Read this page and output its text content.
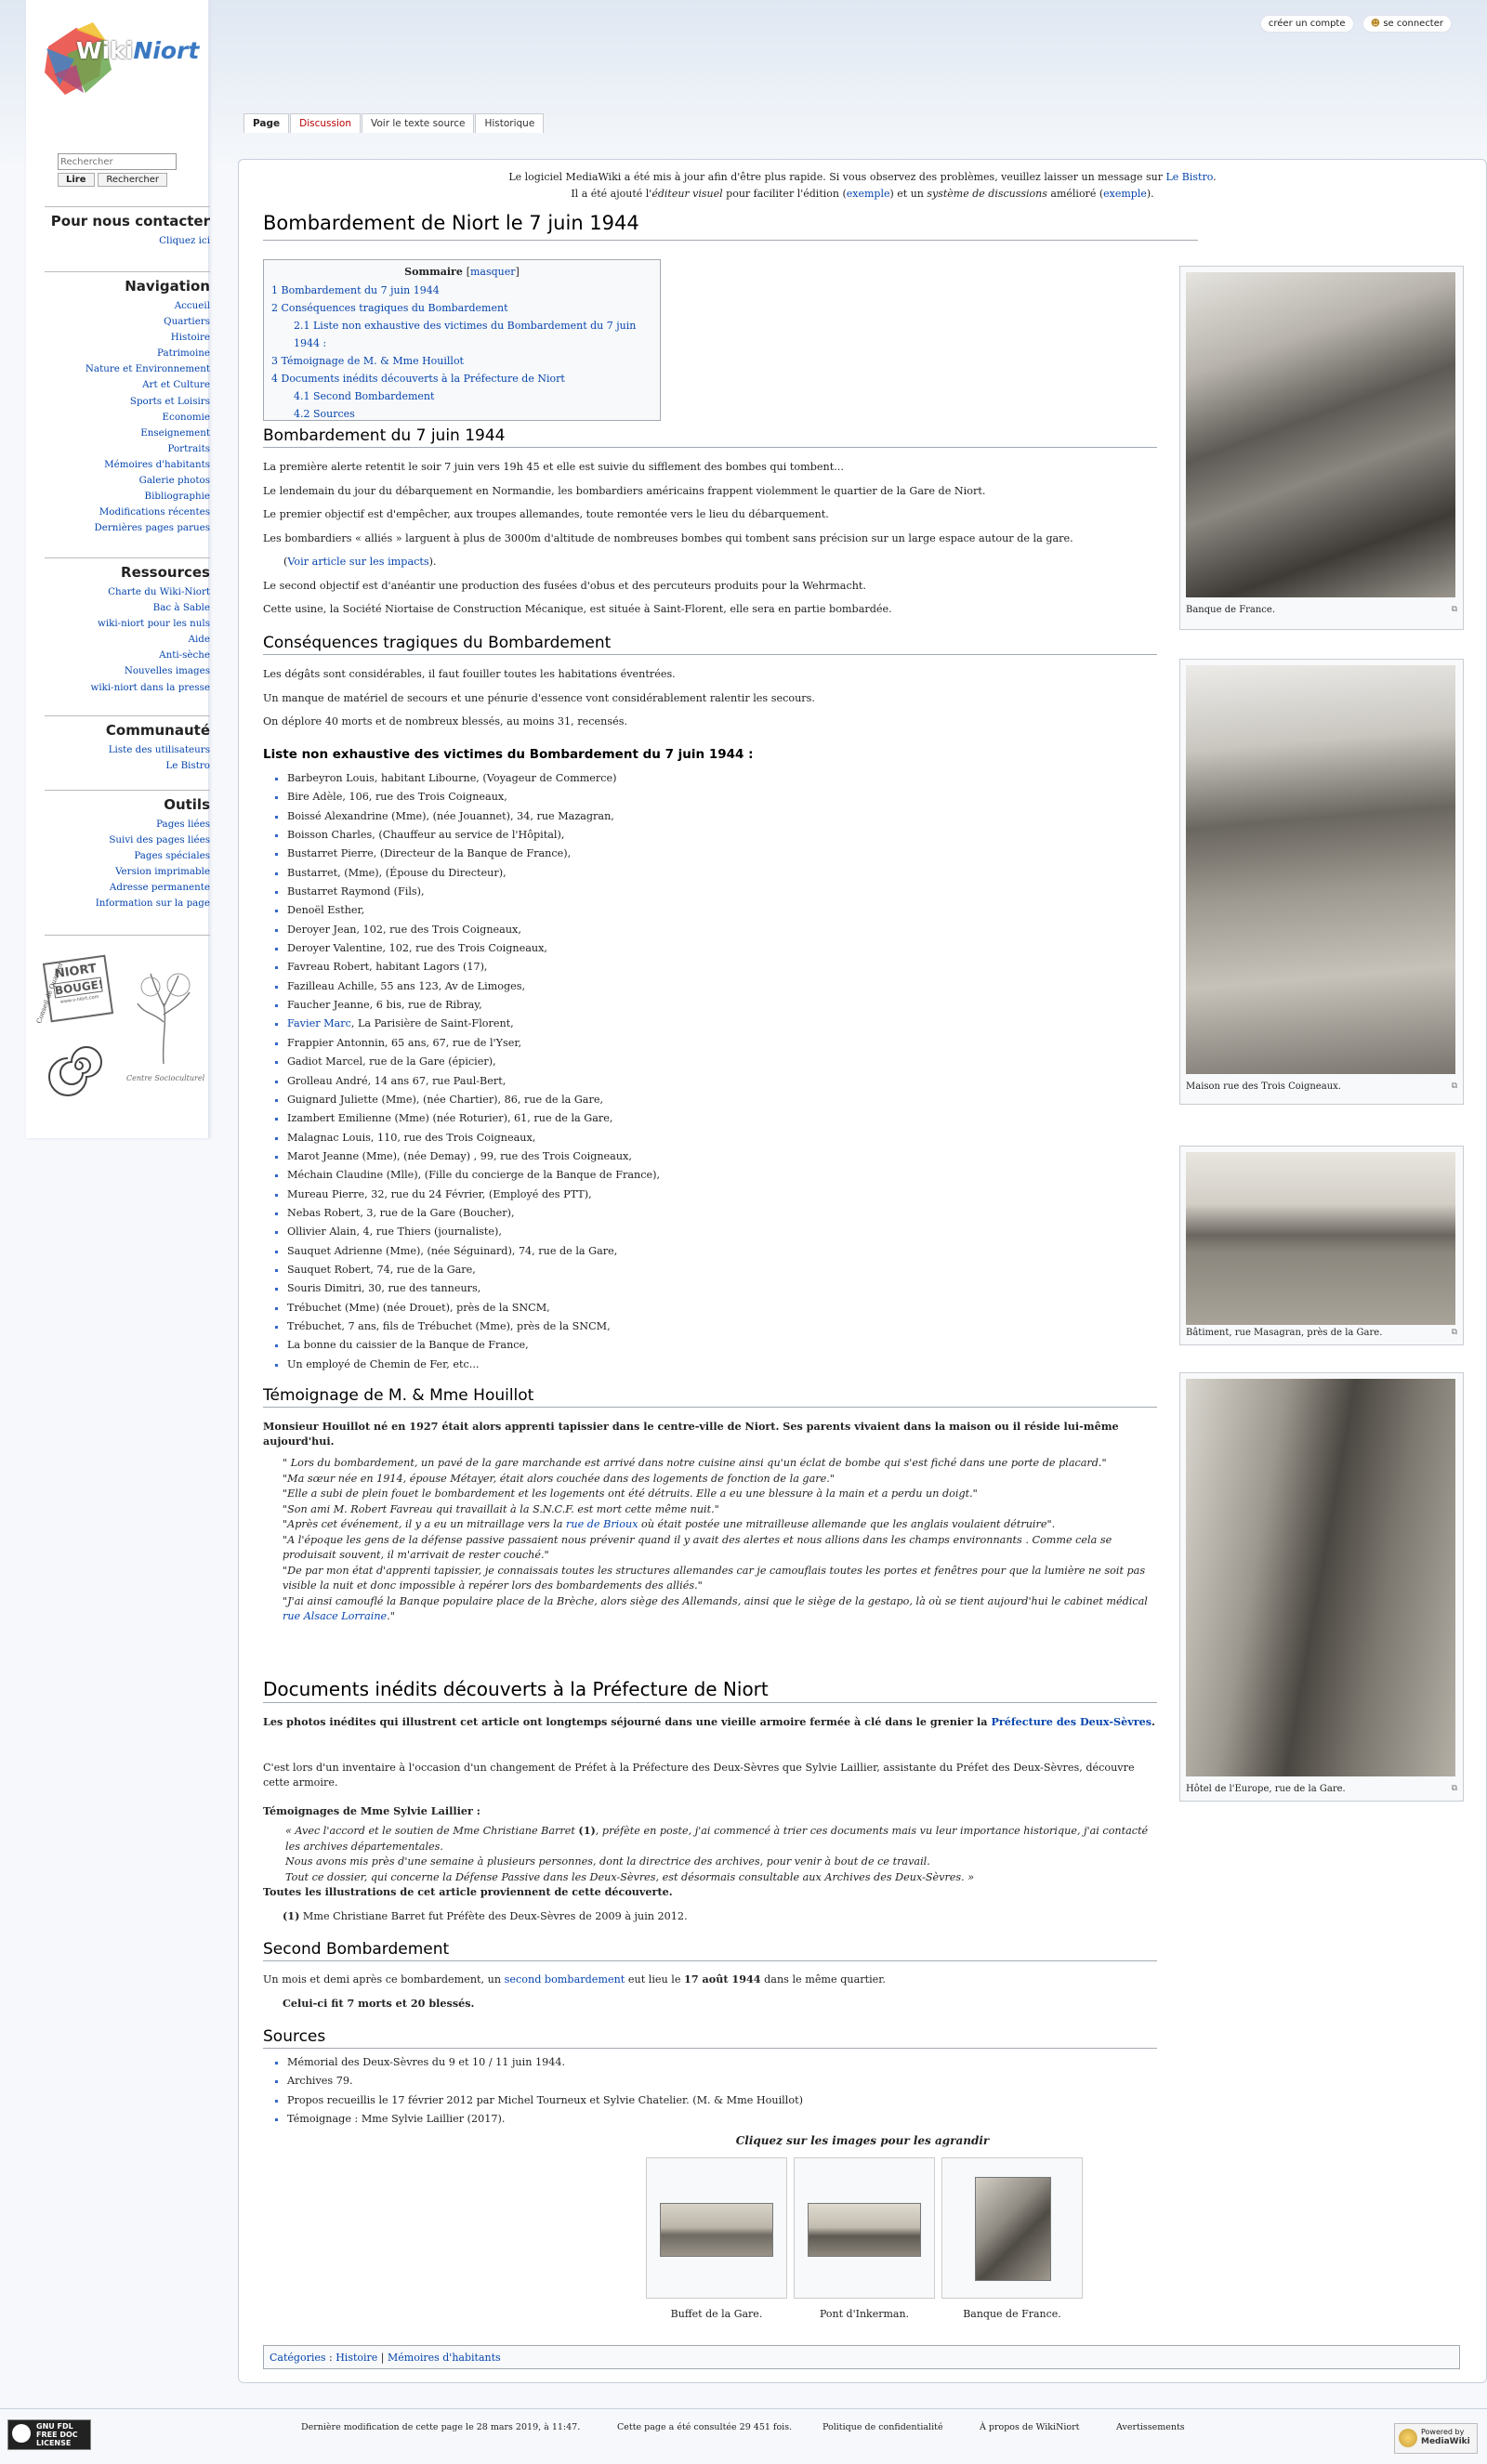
créer un compte	☻ se connecter
WikiNiort
Rechercher
Lire Rechercher
Pour nous contacter
Cliquez ici
Navigation
Accueil
Quartiers
Histoire
Patrimoine
Nature et Environnement
Art et Culture
Sports et Loisirs
Economie
Enseignement
Portraits
Mémoires d'habitants
Galerie photos
Bibliographie
Modifications récentes
Dernières pages parues
Ressources
Charte du Wiki-Niort
Bac à Sable
wiki-niort pour les nuls
Aide
Anti-sèche
Nouvelles images
wiki-niort dans la presse
Communauté
Liste des utilisateurs
Le Bistro
Outils
Pages liées
Suivi des pages liées
Pages spéciales
Version imprimable
Adresse permanente
Information sur la page
NIORT
BOUGE!
www.v-niort.com
Conseil de Quartier
Centre Socioculturel
Page	Discussion	Voir le texte source	Historique
Le logiciel MediaWiki a été mis à jour afin d'être plus rapide. Si vous observez des problèmes, veuillez laisser un message sur Le Bistro.
Il a été ajouté l'éditeur visuel pour faciliter l'édition (exemple) et un système de discussions amélioré (exemple).
Bombardement de Niort le 7 juin 1944
Sommaire [masquer]
1 Bombardement du 7 juin 1944
2 Conséquences tragiques du Bombardement
2.1 Liste non exhaustive des victimes du Bombardement du 7 juin 1944 :
3 Témoignage de M. & Mme Houillot
4 Documents inédits découverts à la Préfecture de Niort
4.1 Second Bombardement
4.2 Sources
Bombardement du 7 juin 1944

La première alerte retentit le soir 7 juin vers 19h 45 et elle est suivie du sifflement des bombes qui tombent...

Le lendemain du jour du débarquement en Normandie, les bombardiers américains frappent violemment le quartier de la Gare de Niort.

Le premier objectif est d'empêcher, aux troupes allemandes, toute remontée vers le lieu du débarquement.

Les bombardiers « alliés » larguent à plus de 3000m d'altitude de nombreuses bombes qui tombent sans précision sur un large espace autour de la gare.

(Voir article sur les impacts).

Le second objectif est d'anéantir une production des fusées d'obus et des percuteurs produits pour la Wehrmacht.

Cette usine, la Société Niortaise de Construction Mécanique, est située à Saint-Florent, elle sera en partie bombardée.

Conséquences tragiques du Bombardement

Les dégâts sont considérables, il faut fouiller toutes les habitations éventrées.

Un manque de matériel de secours et une pénurie d'essence vont considérablement ralentir les secours.

On déplore 40 morts et de nombreux blessés, au moins 31, recensés.

Liste non exhaustive des victimes du Bombardement du 7 juin 1944 :
▪ Barbeyron Louis, habitant Libourne, (Voyageur de Commerce)
▪ Bire Adèle, 106, rue des Trois Coigneaux,
▪ Boissé Alexandrine (Mme), (née Jouannet), 34, rue Mazagran,
▪ Boisson Charles, (Chauffeur au service de l'Hôpital),
▪ Bustarret Pierre, (Directeur de la Banque de France),
▪ Bustarret, (Mme), (Épouse du Directeur),
▪ Bustarret Raymond (Fils),
▪ Denoël Esther,
▪ Deroyer Jean, 102, rue des Trois Coigneaux,
▪ Deroyer Valentine, 102, rue des Trois Coigneaux,
▪ Favreau Robert, habitant Lagors (17),
▪ Fazilleau Achille, 55 ans 123, Av de Limoges,
▪ Faucher Jeanne, 6 bis, rue de Ribray,
▪ Favier Marc, La Parisière de Saint-Florent,
▪ Frappier Antonnin, 65 ans, 67, rue de l'Yser,
▪ Gadiot Marcel, rue de la Gare (épicier),
▪ Grolleau André, 14 ans 67, rue Paul-Bert,
▪ Guignard Juliette (Mme), (née Chartier), 86, rue de la Gare,
▪ Izambert Emilienne (Mme) (née Roturier), 61, rue de la Gare,
▪ Malagnac Louis, 110, rue des Trois Coigneaux,
▪ Marot Jeanne (Mme), (née Demay) , 99, rue des Trois Coigneaux,
▪ Méchain Claudine (Mlle), (Fille du concierge de la Banque de France),
▪ Mureau Pierre, 32, rue du 24 Février, (Employé des PTT),
▪ Nebas Robert, 3, rue de la Gare (Boucher),
▪ Ollivier Alain, 4, rue Thiers (journaliste),
▪ Sauquet Adrienne (Mme), (née Séguinard), 74, rue de la Gare,
▪ Sauquet Robert, 74, rue de la Gare,
▪ Souris Dimitri, 30, rue des tanneurs,
▪ Trébuchet (Mme) (née Drouet), près de la SNCM,
▪ Trébuchet, 7 ans, fils de Trébuchet (Mme), près de la SNCM,
▪ La bonne du caissier de la Banque de France,
▪ Un employé de Chemin de Fer, etc...
Témoignage de M. & Mme Houillot

Monsieur Houillot né en 1927 était alors apprenti tapissier dans le centre-ville de Niort. Ses parents vivaient dans la maison ou il réside lui-même aujourd'hui.

" Lors du bombardement, un pavé de la gare marchande est arrivé dans notre cuisine ainsi qu'un éclat de bombe qui s'est fiché dans une porte de placard."

"Ma sœur née en 1914, épouse Métayer, était alors couchée dans des logements de fonction de la gare."

"Elle a subi de plein fouet le bombardement et les logements ont été détruits. Elle a eu une blessure à la main et a perdu un doigt."

"Son ami M. Robert Favreau qui travaillait à la S.N.C.F. est mort cette même nuit."

"Après cet événement, il y a eu un mitraillage vers la rue de Brioux où était postée une mitrailleuse allemande que les anglais voulaient détruire".

"A l'époque les gens de la défense passive passaient nous prévenir quand il y avait des alertes et nous allions dans les champs environnants . Comme cela se produisait souvent, il m'arrivait de rester couché."

"De par mon état d'apprenti tapissier, je connaissais toutes les structures allemandes car je camouflais toutes les portes et fenêtres pour que la lumière ne soit pas visible la nuit et donc impossible à repérer lors des bombardements des alliés."

"J'ai ainsi camouflé la Banque populaire place de la Brèche, alors siège des Allemands, ainsi que le siège de la gestapo, là où se tient aujourd'hui le cabinet médical rue Alsace Lorraine."

Documents inédits découverts à la Préfecture de Niort

Les photos inédites qui illustrent cet article ont longtemps séjourné dans une vieille armoire fermée à clé dans le grenier la Préfecture des Deux-Sèvres.

C'est lors d'un inventaire à l'occasion d'un changement de Préfet à la Préfecture des Deux-Sèvres que Sylvie Laillier, assistante du Préfet des Deux-Sèvres, découvre cette armoire.

Témoignages de Mme Sylvie Laillier :

« Avec l'accord et le soutien de Mme Christiane Barret (1), préfète en poste, j'ai commencé à trier ces documents mais vu leur importance historique, j'ai contacté les archives départementales.

Nous avons mis près d'une semaine à plusieurs personnes, dont la directrice des archives, pour venir à bout de ce travail.

Tout ce dossier, qui concerne la Défense Passive dans les Deux-Sèvres, est désormais consultable aux Archives des Deux-Sèvres. »

Toutes les illustrations de cet article proviennent de cette découverte.

(1) Mme Christiane Barret fut Préfète des Deux-Sèvres de 2009 à juin 2012.

Second Bombardement

Un mois et demi après ce bombardement, un second bombardement eut lieu le 17 août 1944 dans le même quartier.

Celui-ci fit 7 morts et 20 blessés.

Sources
▪ Mémorial des Deux-Sèvres du 9 et 10 / 11 juin 1944.
▪ Archives 79.
▪ Propos recueillis le 17 février 2012 par Michel Tourneux et Sylvie Chatelier. (M. & Mme Houillot)
▪ Témoignage : Mme Sylvie Laillier (2017).
Cliquez sur les images pour les agrandir
Buffet de la Gare.	Pont d'Inkerman.	Banque de France.
Catégories : Histoire | Mémoires d'habitants
Banque de France.	⧉
Maison rue des Trois Coigneaux.	⧉
Bâtiment, rue Masagran, près de la Gare.	⧉
Hôtel de l'Europe, rue de la Gare.	⧉
Dernière modification de cette page le 28 mars 2019, à 11:47.	Cette page a été consultée 29 451 fois.	Politique de confidentialité	À propos de WikiNiort	Avertissements
GNU FDL
FREE DOC
LICENSE
Powered by
MediaWiki
